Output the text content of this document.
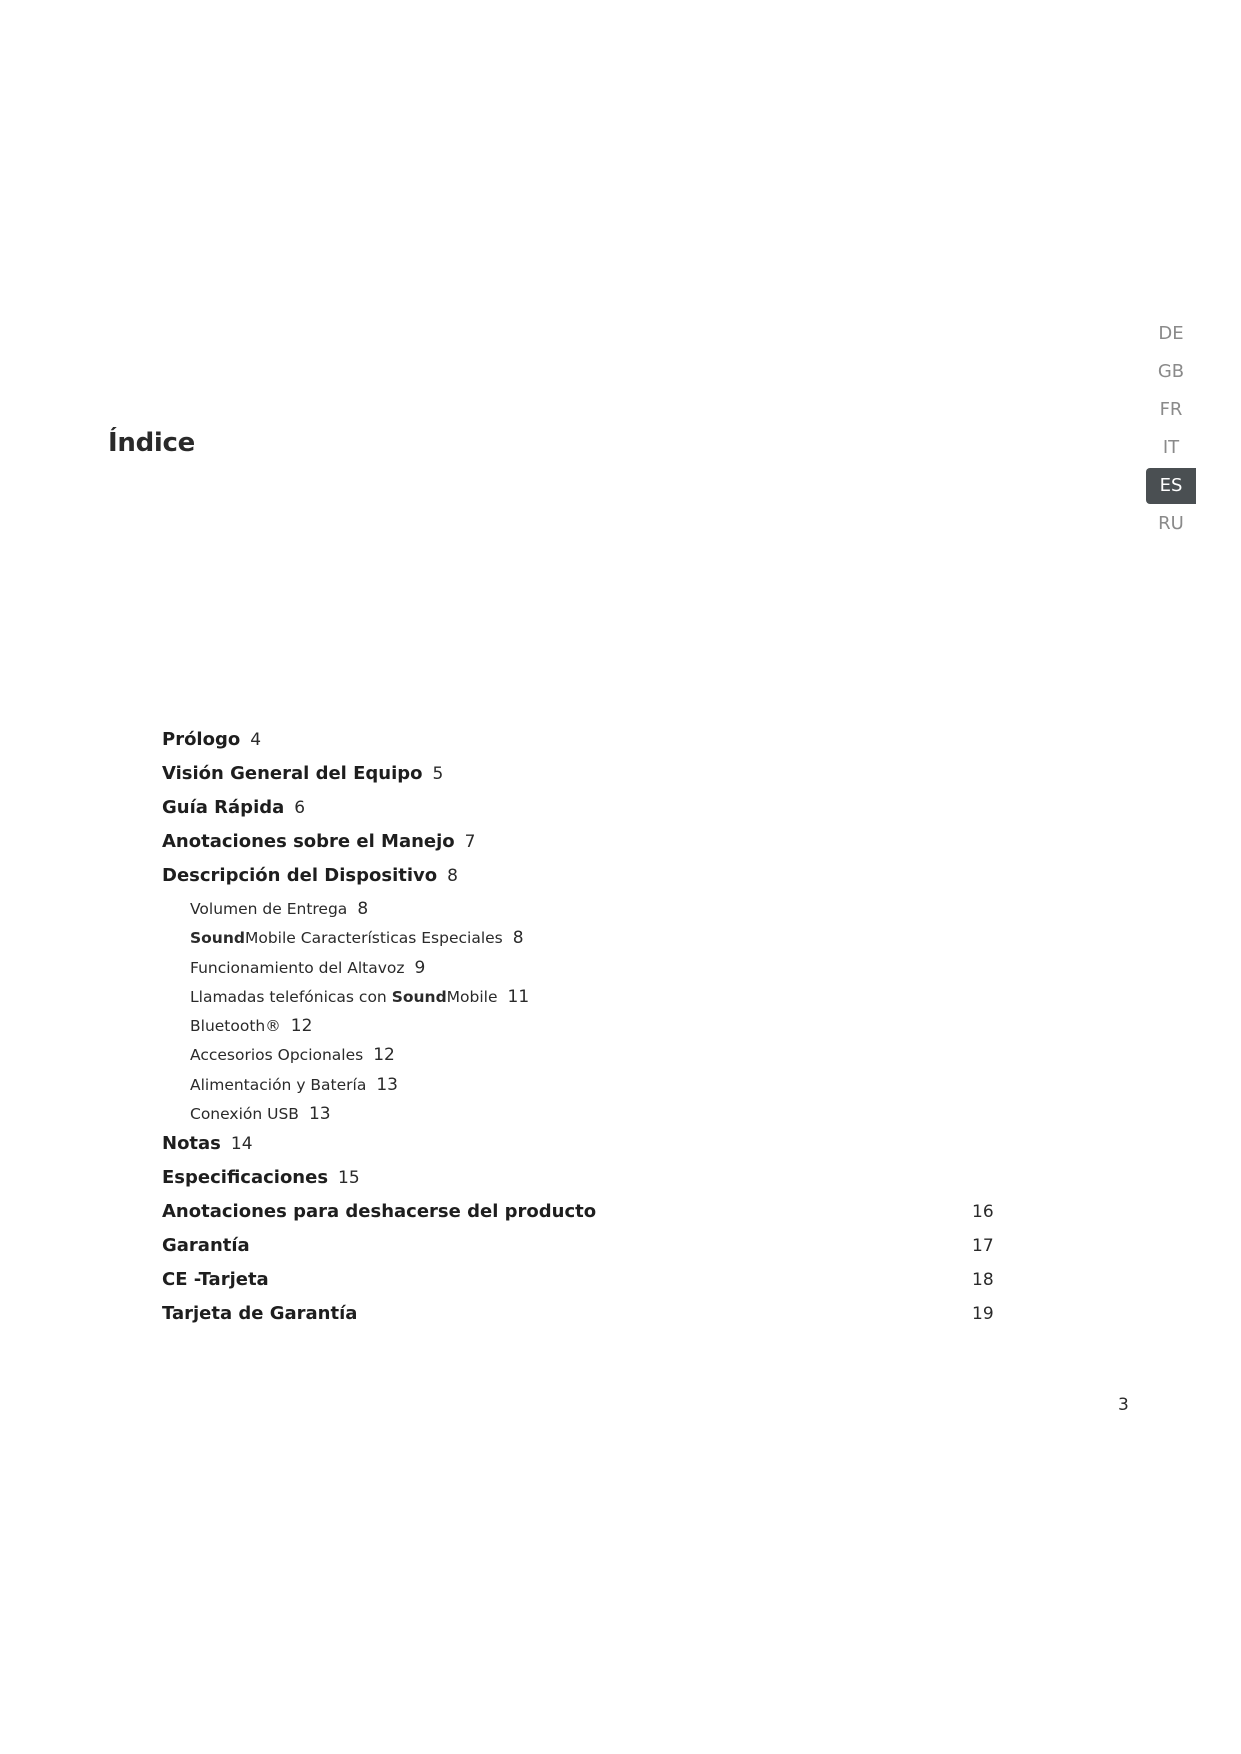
Índice
DE
GB
FR
IT
ES
RU
Prólogo 4
Visión General del Equipo 5
Guía Rápida 6
Anotaciones sobre el Manejo 7
Descripción del Dispositivo 8
Volumen de Entrega 8
SoundMobile Características Especiales 8
Funcionamiento del Altavoz 9
Llamadas telefónicas con SoundMobile 11
Bluetooth® 12
Accesorios Opcionales 12
Alimentación y Batería 13
Conexión USB 13
Notas 14
Especificaciones 15
Anotaciones para deshacerse del producto	16
Garantía	17
CE -Tarjeta	18
Tarjeta de Garantía	19
3
